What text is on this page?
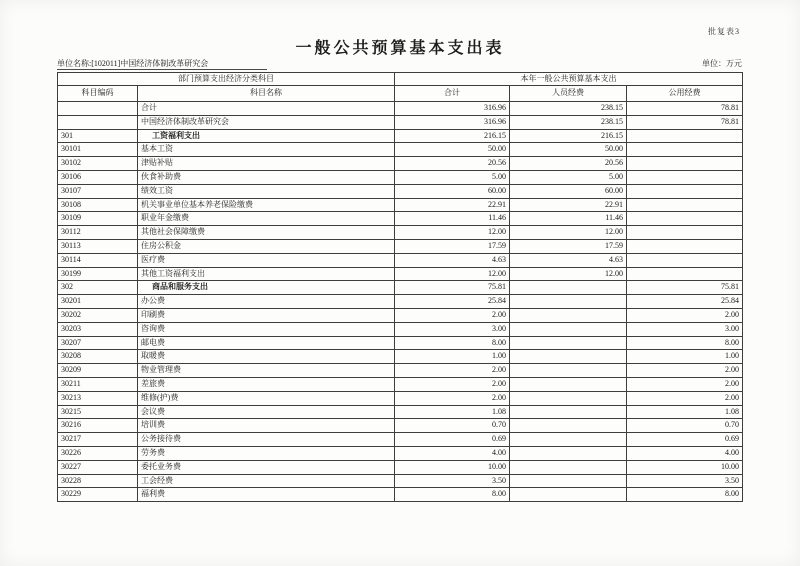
批复表3
一般公共预算基本支出表
单位名称:[102011]中国经济体制改革研究会	单位：万元
部门预算支出经济分类科目		本年一般公共预算基本支出		
科目编码	科目名称	合计	人员经费	公用经费
	合计	316.96	238.15	78.81
	中国经济体制改革研究会	316.96	238.15	78.81
301	工资福利支出	216.15	216.15	
30101	基本工资	50.00	50.00	
30102	津贴补贴	20.56	20.56	
30106	伙食补助费	5.00	5.00	
30107	绩效工资	60.00	60.00	
30108	机关事业单位基本养老保险缴费	22.91	22.91	
30109	职业年金缴费	11.46	11.46	
30112	其他社会保障缴费	12.00	12.00	
30113	住房公积金	17.59	17.59	
30114	医疗费	4.63	4.63	
30199	其他工资福利支出	12.00	12.00	
302	商品和服务支出	75.81		75.81
30201	办公费	25.84		25.84
30202	印刷费	2.00		2.00
30203	咨询费	3.00		3.00
30207	邮电费	8.00		8.00
30208	取暖费	1.00		1.00
30209	物业管理费	2.00		2.00
30211	差旅费	2.00		2.00
30213	维修(护)费	2.00		2.00
30215	会议费	1.08		1.08
30216	培训费	0.70		0.70
30217	公务接待费	0.69		0.69
30226	劳务费	4.00		4.00
30227	委托业务费	10.00		10.00
30228	工会经费	3.50		3.50
30229	福利费	8.00		8.00
